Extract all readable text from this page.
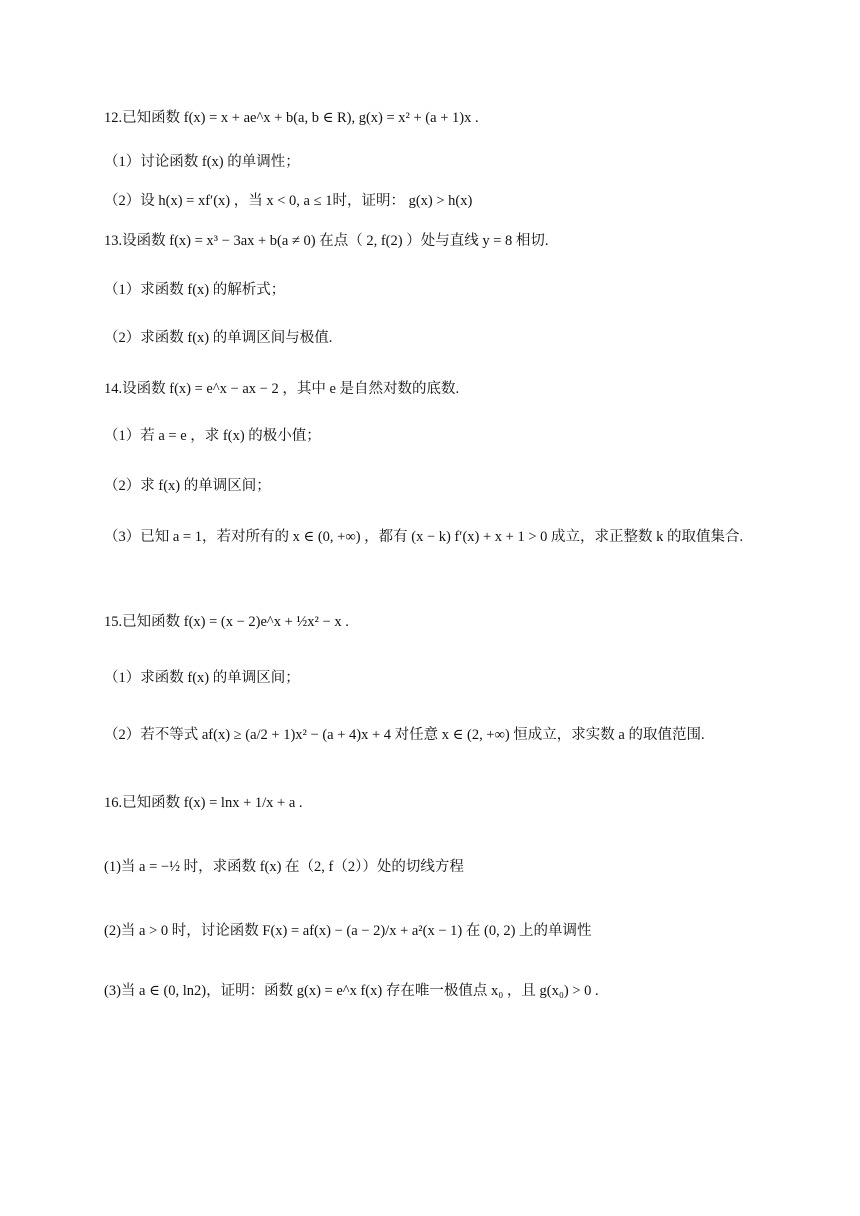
12.已知函数 f(x) = x + ae^x + b(a, b ∈ R), g(x) = x² + (a + 1)x .
（1）讨论函数 f(x) 的单调性；
（2）设 h(x) = xf′(x) ，当 x < 0, a ≤ 1时，证明： g(x) > h(x)
13.设函数 f(x) = x³ − 3ax + b(a ≠ 0) 在点（ 2, f(2) ）处与直线 y = 8 相切.
（1）求函数 f(x) 的解析式；
（2）求函数 f(x) 的单调区间与极值.
14.设函数 f(x) = e^x − ax − 2 ，其中 e 是自然对数的底数.
（1）若 a = e ，求 f(x) 的极小值；
（2）求 f(x) 的单调区间；
（3）已知 a = 1，若对所有的 x ∈ (0, +∞) ，都有 (x − k) f′(x) + x + 1 > 0 成立，求正整数 k 的取值集合.
15.已知函数 f(x) = (x − 2)e^x + ½x² − x .
（1）求函数 f(x) 的单调区间；
（2）若不等式 af(x) ≥ (a/2 + 1)x² − (a + 4)x + 4 对任意 x ∈ (2, +∞) 恒成立，求实数 a 的取值范围.
16.已知函数 f(x) = lnx + 1/x + a .
(1)当 a = −½ 时，求函数 f(x) 在（2, f（2））处的切线方程
(2)当 a > 0 时，讨论函数 F(x) = af(x) − (a − 2)/x + a²(x − 1) 在 (0, 2) 上的单调性
(3)当 a ∈ (0, ln2)，证明：函数 g(x) = e^x f(x) 存在唯一极值点 x₀ ，且 g(x₀) > 0 .
